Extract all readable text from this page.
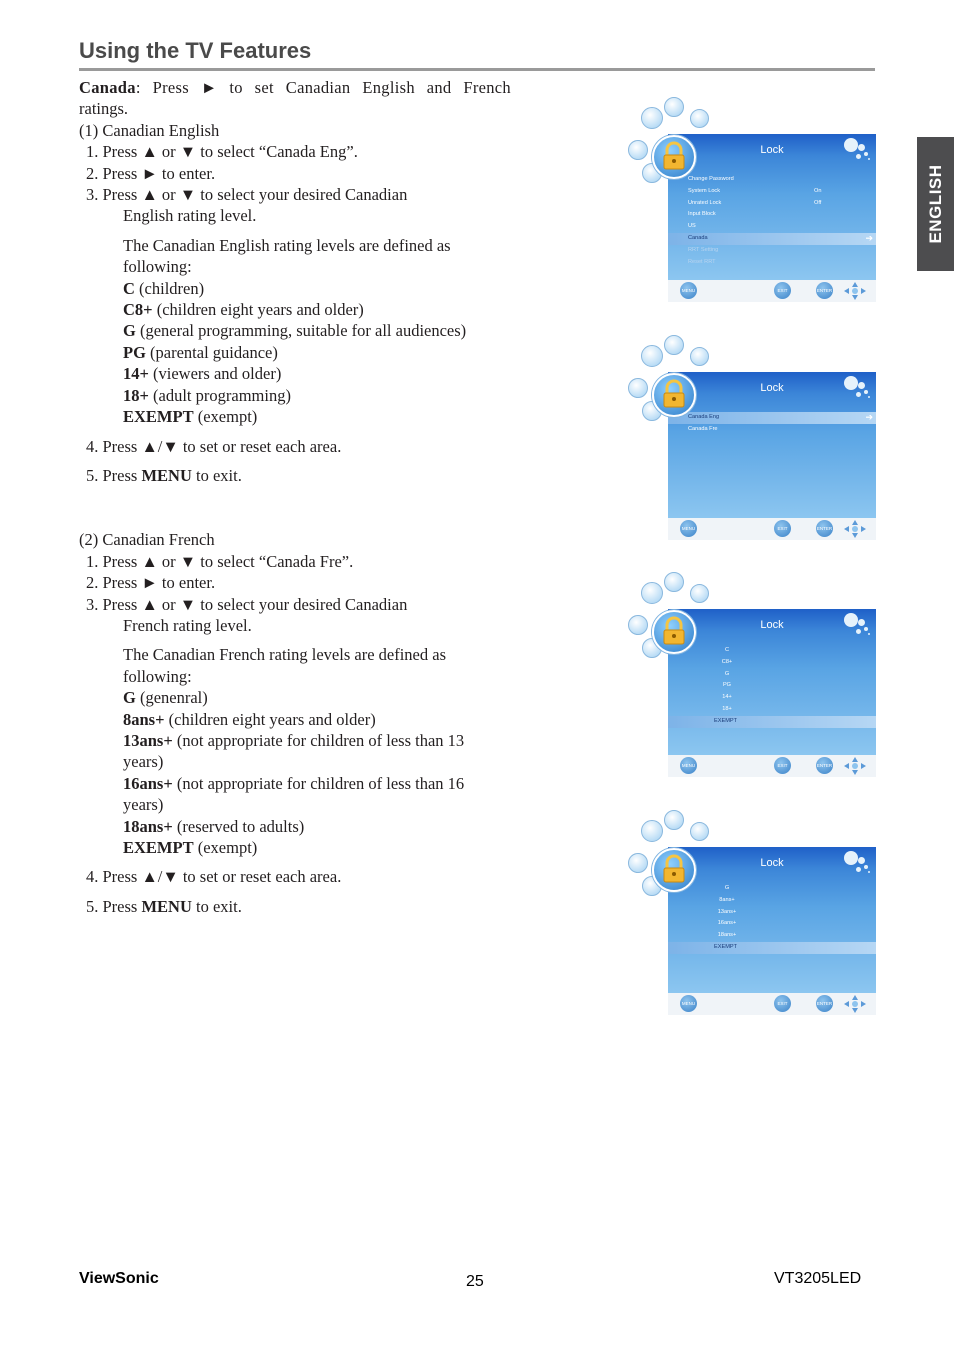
Using the TV Features
ENGLISH

Canada: Press ► to set Canadian English and French

ratings.

(1) Canadian English

1. Press ▲ or ▼ to select “Canada Eng”.

2. Press ► to enter.

3. Press ▲ or ▼ to select your desired Canadian

English rating level.

The Canadian English rating levels are defined as

following:

C (children)

C8+ (children eight years and older)

G (general programming, suitable for all audiences)

PG (parental guidance)

14+ (viewers and older)

18+ (adult programming)

EXEMPT (exempt)

4. Press ▲/▼ to set or reset each area.

5. Press MENU to exit.

(2) Canadian French

1. Press ▲ or ▼ to select “Canada Fre”.

2. Press ► to enter.

3. Press ▲ or ▼ to select your desired Canadian

French rating level.

The Canadian French rating levels are defined as

following:

G (genenral)

8ans+ (children eight years and older)

13ans+ (not appropriate for children of less than 13

years)

16ans+ (not appropriate for children of less than 16

years)

18ans+ (reserved to adults)

EXEMPT (exempt)

4. Press ▲/▼ to set or reset each area.

5. Press MENU to exit.

Lock
Change Password
System Lock	On
Unrated Lock	Off
Input Block
US
Canada	➔
RRT Setting
Reset RRT
MENU	EXIT	ENTER
Lock
Canada Eng	➔
Canada Fre
MENU	EXIT	ENTER
Lock
C
C8+
G
PG
14+
18+
EXEMPT
MENU	EXIT	ENTER
Lock
G
8ans+
13ans+
16ans+
18ans+
EXEMPT
MENU	EXIT	ENTER
ViewSonic	25	VT3205LED
